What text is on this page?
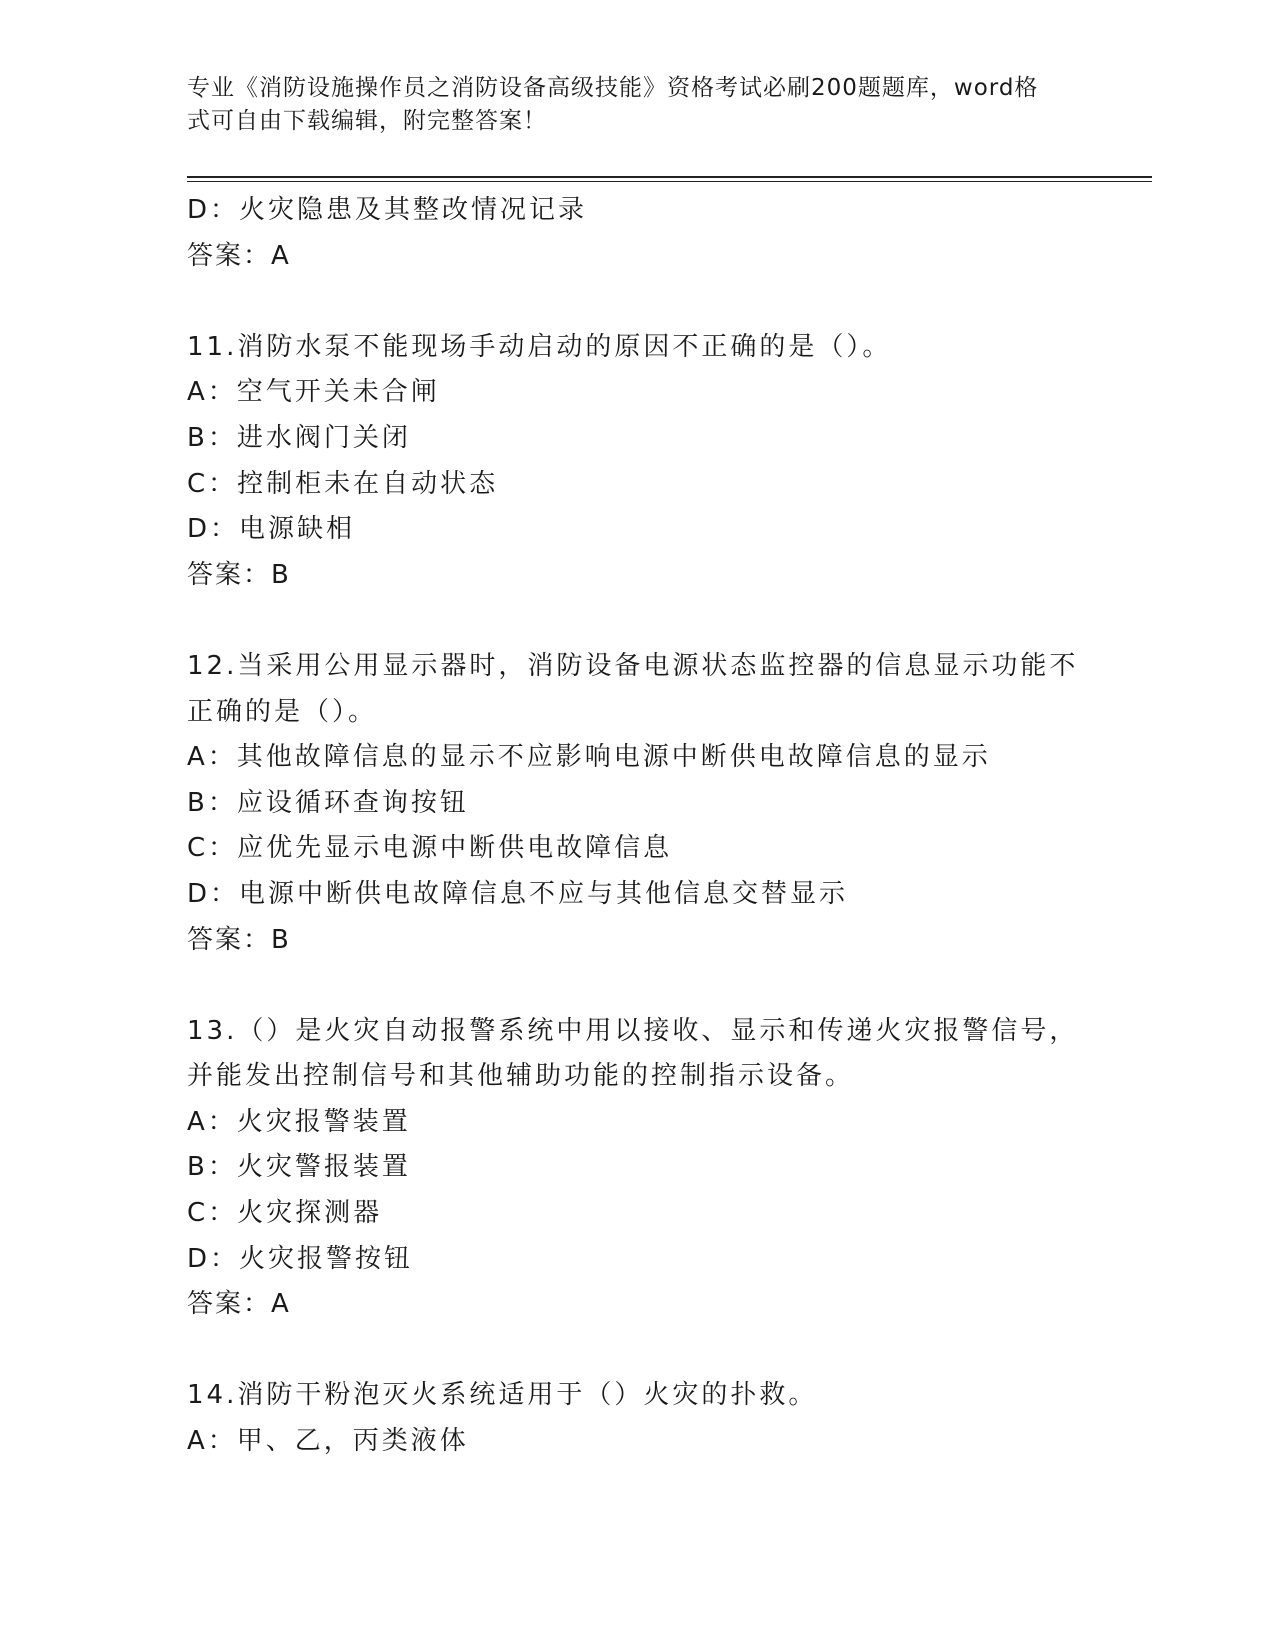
专业《消防设施操作员之消防设备高级技能》资格考试必刷200题题库，word格
式可自由下载编辑，附完整答案！
D：火灾隐患及其整改情况记录
答案：A
11.消防水泵不能现场手动启动的原因不正确的是（）。
A：空气开关未合闸
B：进水阀门关闭
C：控制柜未在自动状态
D：电源缺相
答案：B
12.当采用公用显示器时，消防设备电源状态监控器的信息显示功能不
正确的是（）。
A：其他故障信息的显示不应影响电源中断供电故障信息的显示
B：应设循环查询按钮
C：应优先显示电源中断供电故障信息
D：电源中断供电故障信息不应与其他信息交替显示
答案：B
13.（）是火灾自动报警系统中用以接收、显示和传递火灾报警信号，
并能发出控制信号和其他辅助功能的控制指示设备。
A：火灾报警装置
B：火灾警报装置
C：火灾探测器
D：火灾报警按钮
答案：A
14.消防干粉泡灭火系统适用于（）火灾的扑救。
A：甲、乙，丙类液体
